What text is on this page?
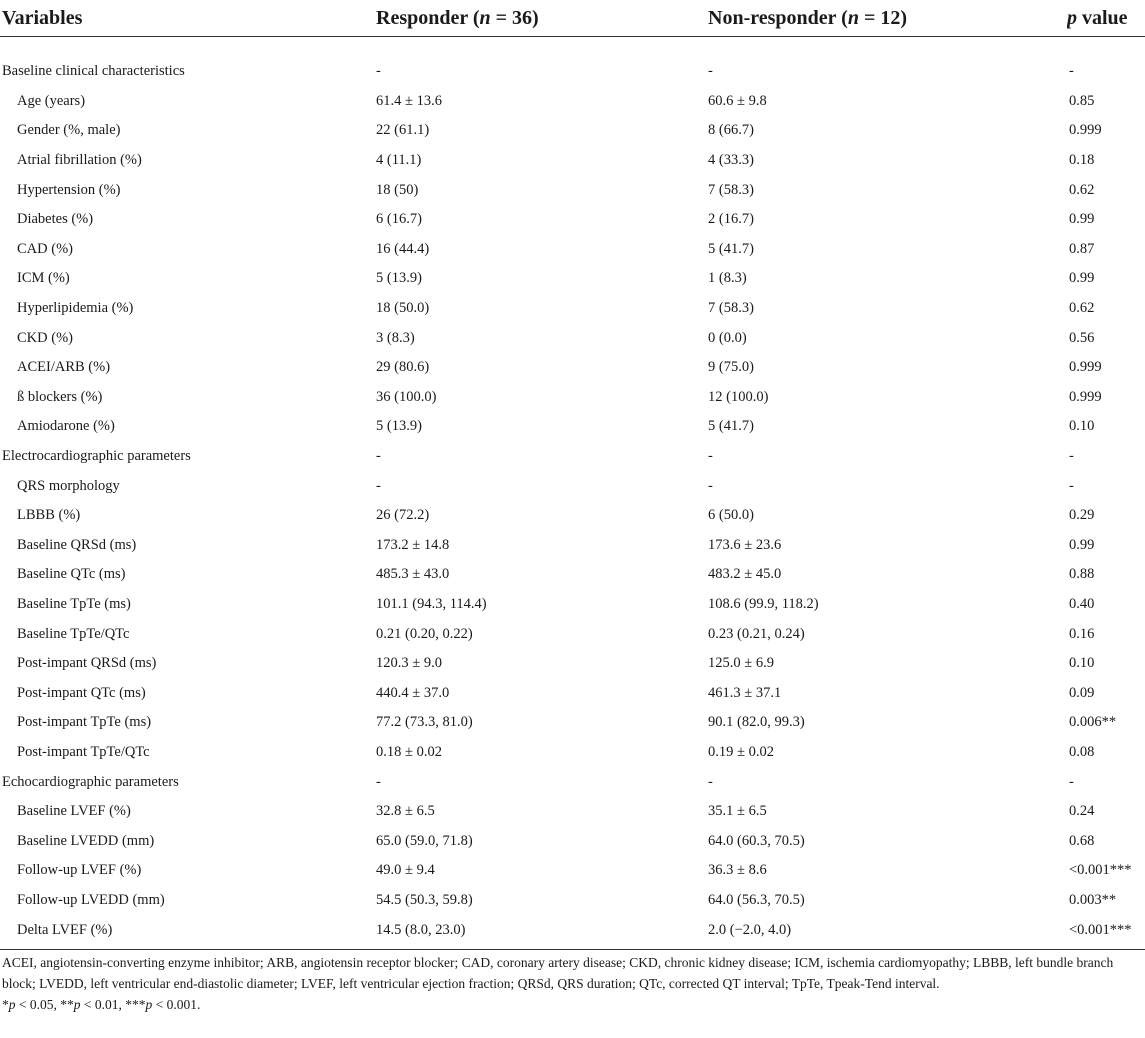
Variables	Responder (n = 36)	Non-responder (n = 12)	p value
Baseline clinical characteristics	-	-	-
Age (years)	61.4 ± 13.6	60.6 ± 9.8	0.85
Gender (%, male)	22 (61.1)	8 (66.7)	0.999
Atrial fibrillation (%)	4 (11.1)	4 (33.3)	0.18
Hypertension (%)	18 (50)	7 (58.3)	0.62
Diabetes (%)	6 (16.7)	2 (16.7)	0.99
CAD (%)	16 (44.4)	5 (41.7)	0.87
ICM (%)	5 (13.9)	1 (8.3)	0.99
Hyperlipidemia (%)	18 (50.0)	7 (58.3)	0.62
CKD (%)	3 (8.3)	0 (0.0)	0.56
ACEI/ARB (%)	29 (80.6)	9 (75.0)	0.999
ß blockers (%)	36 (100.0)	12 (100.0)	0.999
Amiodarone (%)	5 (13.9)	5 (41.7)	0.10
Electrocardiographic parameters	-	-	-
QRS morphology	-	-	-
LBBB (%)	26 (72.2)	6 (50.0)	0.29
Baseline QRSd (ms)	173.2 ± 14.8	173.6 ± 23.6	0.99
Baseline QTc (ms)	485.3 ± 43.0	483.2 ± 45.0	0.88
Baseline TpTe (ms)	101.1 (94.3, 114.4)	108.6 (99.9, 118.2)	0.40
Baseline TpTe/QTc	0.21 (0.20, 0.22)	0.23 (0.21, 0.24)	0.16
Post-impant QRSd (ms)	120.3 ± 9.0	125.0 ± 6.9	0.10
Post-impant QTc (ms)	440.4 ± 37.0	461.3 ± 37.1	0.09
Post-impant TpTe (ms)	77.2 (73.3, 81.0)	90.1 (82.0, 99.3)	0.006**
Post-impant TpTe/QTc	0.18 ± 0.02	0.19 ± 0.02	0.08
Echocardiographic parameters	-	-	-
Baseline LVEF (%)	32.8 ± 6.5	35.1 ± 6.5	0.24
Baseline LVEDD (mm)	65.0 (59.0, 71.8)	64.0 (60.3, 70.5)	0.68
Follow-up LVEF (%)	49.0 ± 9.4	36.3 ± 8.6	<0.001***
Follow-up LVEDD (mm)	54.5 (50.3, 59.8)	64.0 (56.3, 70.5)	0.003**
Delta LVEF (%)	14.5 (8.0, 23.0)	2.0 (−2.0, 4.0)	<0.001***

ACEI, angiotensin-converting enzyme inhibitor; ARB, angiotensin receptor blocker; CAD, coronary artery disease; CKD, chronic kidney disease; ICM, ischemia cardiomyopathy; LBBB, left bundle branch block; LVEDD, left ventricular end-diastolic diameter; LVEF, left ventricular ejection fraction; QRSd, QRS duration; QTc, corrected QT interval; TpTe, Tpeak-Tend interval.

*p < 0.05, **p < 0.01, ***p < 0.001.
